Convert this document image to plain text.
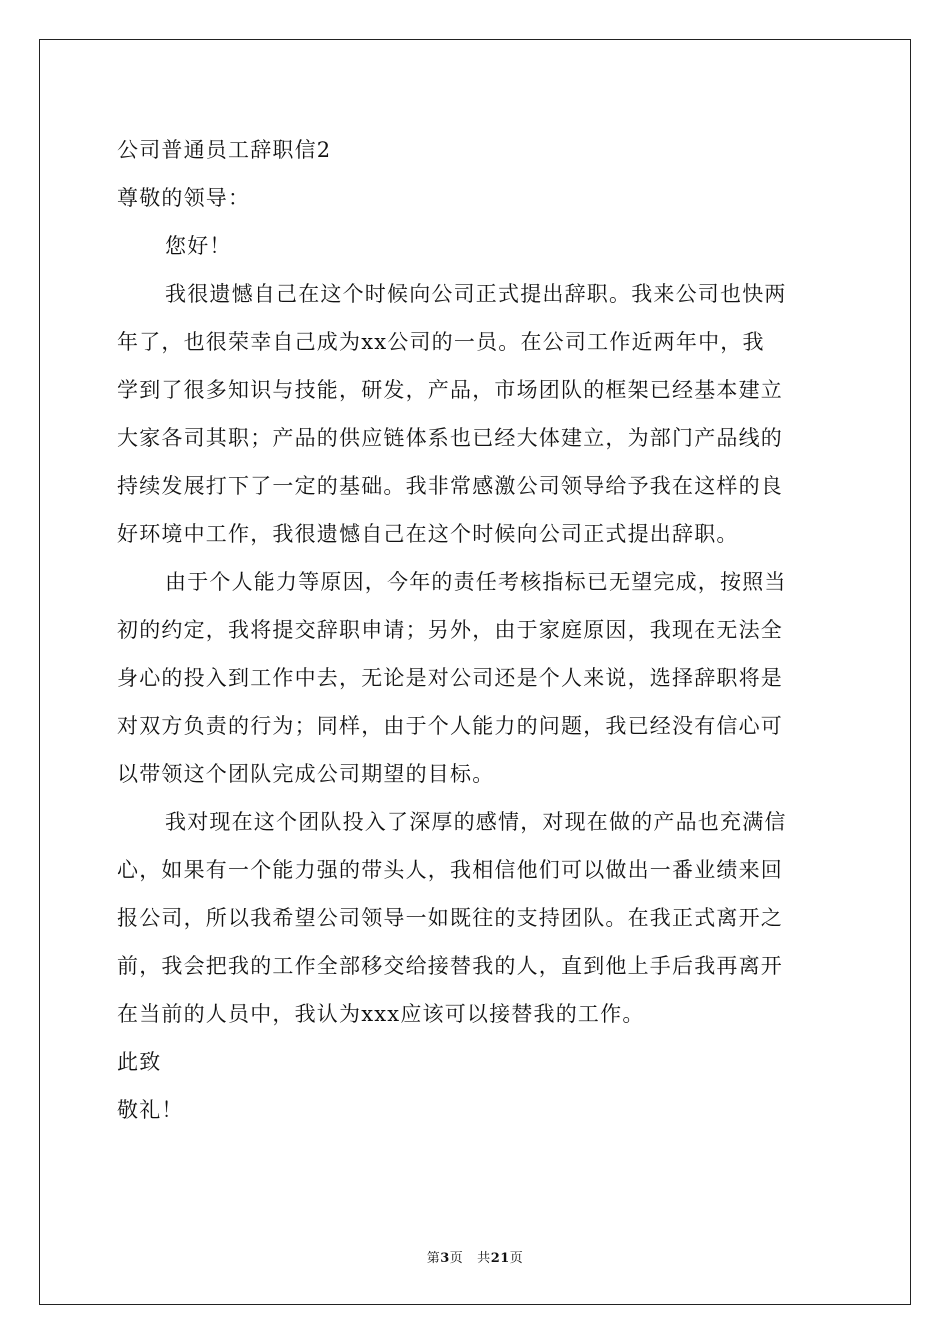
公司普通员工辞职信2
尊敬的领导：
您好！
我很遗憾自己在这个时候向公司正式提出辞职。我来公司也快两
年了，也很荣幸自己成为xx公司的一员。在公司工作近两年中，我
学到了很多知识与技能，研发，产品，市场团队的框架已经基本建立
大家各司其职；产品的供应链体系也已经大体建立，为部门产品线的
持续发展打下了一定的基础。我非常感激公司领导给予我在这样的良
好环境中工作，我很遗憾自己在这个时候向公司正式提出辞职。
由于个人能力等原因，今年的责任考核指标已无望完成，按照当
初的约定，我将提交辞职申请；另外，由于家庭原因，我现在无法全
身心的投入到工作中去，无论是对公司还是个人来说，选择辞职将是
对双方负责的行为；同样，由于个人能力的问题，我已经没有信心可
以带领这个团队完成公司期望的目标。
我对现在这个团队投入了深厚的感情，对现在做的产品也充满信
心，如果有一个能力强的带头人，我相信他们可以做出一番业绩来回
报公司，所以我希望公司领导一如既往的支持团队。在我正式离开之
前，我会把我的工作全部移交给接替我的人，直到他上手后我再离开
在当前的人员中，我认为xxx应该可以接替我的工作。
此致
敬礼！
第3页 共21页
